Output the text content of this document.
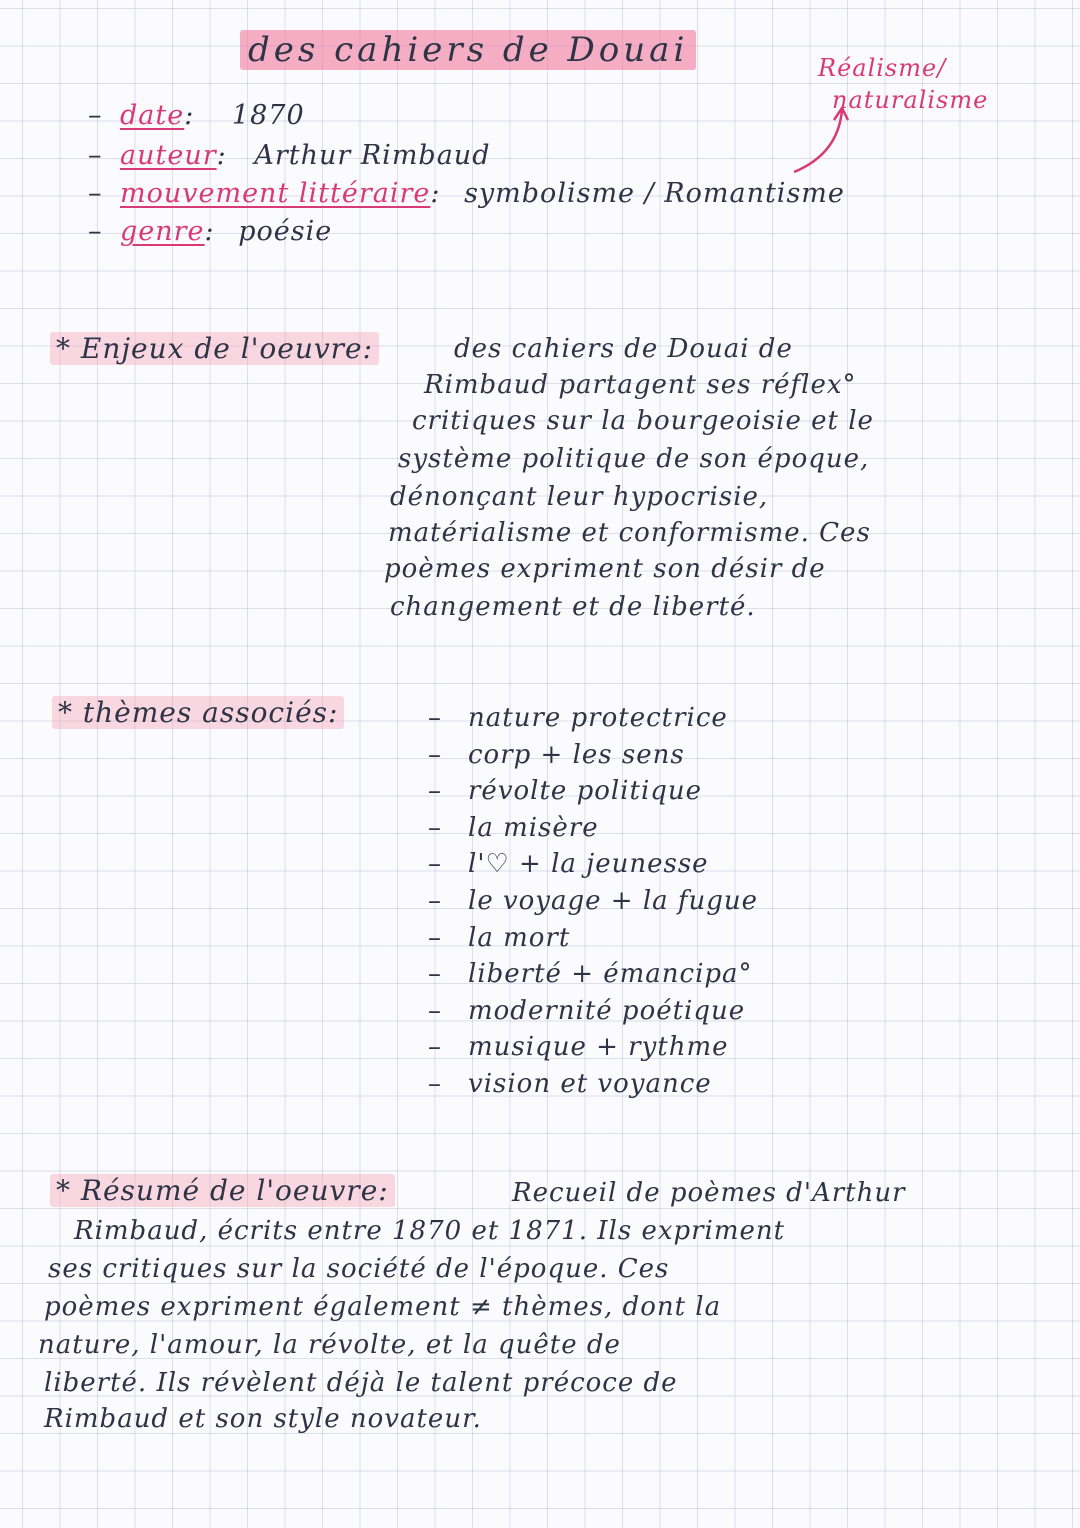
des cahiers de Douai	Réalisme/
naturalisme
– date: 1870
– auteur: Arthur Rimbaud
– mouvement littéraire: symbolisme / Romantisme
– genre: poésie
* Enjeux de l'oeuvre:	des cahiers de Douai de
Rimbaud partagent ses réflex°
critiques sur la bourgeoisie et le
système politique de son époque,
dénonçant leur hypocrisie,
matérialisme et conformisme. Ces
poèmes expriment son désir de
changement et de liberté.
* thèmes associés:	– nature protectrice
– corp + les sens
– révolte politique
– la misère
– l'♡ + la jeunesse
– le voyage + la fugue
– la mort
– liberté + émancipa°
– modernité poétique
– musique + rythme
– vision et voyance
* Résumé de l'oeuvre:	Recueil de poèmes d'Arthur
Rimbaud, écrits entre 1870 et 1871. Ils expriment
ses critiques sur la société de l'époque. Ces
poèmes expriment également ≠ thèmes, dont la
nature, l'amour, la révolte, et la quête de
liberté. Ils révèlent déjà le talent précoce de
Rimbaud et son style novateur.
